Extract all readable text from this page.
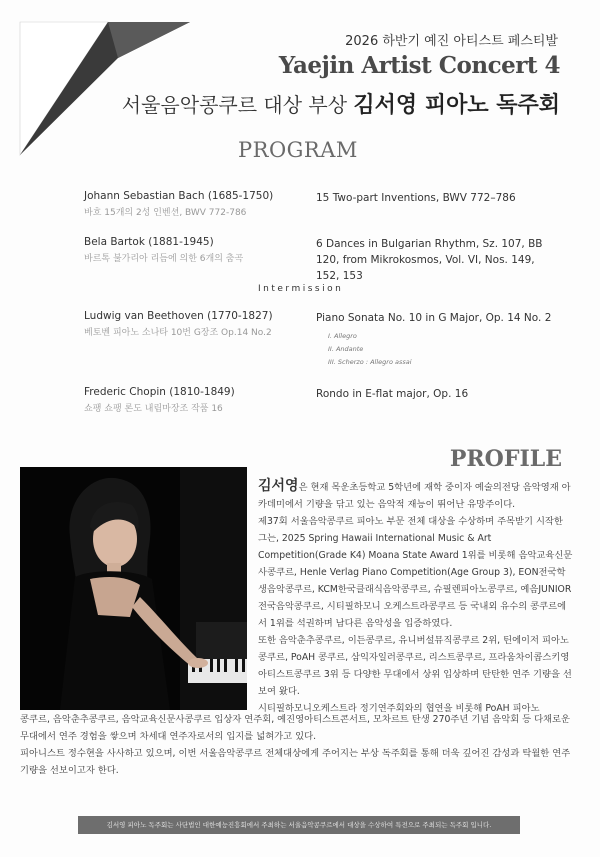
2026 하반기 예진 아티스트 페스티발
Yaejin Artist Concert 4
서울음악콩쿠르 대상 부상 김서영 피아노 독주회
PROGRAM
Johann Sebastian Bach (1685-1750)
바흐 15개의 2성 인벤션, BWV 772-786
15 Two-part Inventions, BWV 772–786
Bela Bartok (1881-1945)
바르톡 불가리아 리듬에 의한 6개의 춤곡
6 Dances in Bulgarian Rhythm, Sz. 107, BB 120, from Mikrokosmos, Vol. VI, Nos. 149, 152, 153
Intermission
Ludwig van Beethoven (1770-1827)
베토벤 피아노 소나타 10번 G장조 Op.14 No.2
Piano Sonata No. 10 in G Major, Op. 14 No. 2
I. Allegro
II. Andante
III. Scherzo : Allegro assai
Frederic Chopin (1810-1849)
쇼팽 쇼팽 론도 내림마장조 작품 16
Rondo in E-flat major, Op. 16
PROFILE

김서영은 현재 목운초등학교 5학년에 재학 중이자 예술의전당 음악영재 아카데미에서 기량을 닦고 있는 음악적 재능이 뛰어난 유망주이다.

제37회 서울음악콩쿠르 피아노 부문 전체 대상을 수상하며 주목받기 시작한 그는, 2025 Spring Hawaii International Music & Art Competition(Grade K4) Moana State Award 1위를 비롯해 음악교육신문사콩쿠르, Henle Verlag Piano Competition(Age Group 3), EON전국학생음악콩쿠르, KCM한국클래식음악콩쿠르, 슈필렌피아노콩쿠르, 예음JUNIOR전국음악콩쿠르, 시티필하모니 오케스트라콩쿠르 등 국내외 유수의 콩쿠르에서 1위를 석권하며 남다른 음악성을 입증하였다.

또한 음악춘추콩쿠르, 이든콩쿠르, 유니버설뮤직콩쿠르 2위, 틴에이저 피아노콩쿠르, PoAH 콩쿠르, 삼익자일러콩쿠르, 리스트콩쿠르, 프라움차이콥스키영아티스트콩쿠르 3위 등 다양한 무대에서 상위 입상하며 탄탄한 연주 기량을 선보여 왔다.

시티필하모니오케스트라 정기연주회와의 협연을 비롯해 PoAH 피아노

콩쿠르, 음악춘추콩쿠르, 음악교육신문사콩쿠르 입상자 연주회, 예진영아티스트콘서트, 모차르트 탄생 270주년 기념 음악회 등 다채로운 무대에서 연주 경험을 쌓으며 차세대 연주자로서의 입지를 넓혀가고 있다.

피아니스트 정수현을 사사하고 있으며, 이번 서울음악콩쿠르 전체대상에게 주어지는 부상 독주회를 통해 더욱 깊어진 감성과 탁월한 연주 기량을 선보이고자 한다.

김서영 피아노 독주회는 사단법인 대한예능진흥회에서 주최하는 서울음악콩쿠르에서 대상을 수상하여 특전으로 주최되는 독주회 입니다.
